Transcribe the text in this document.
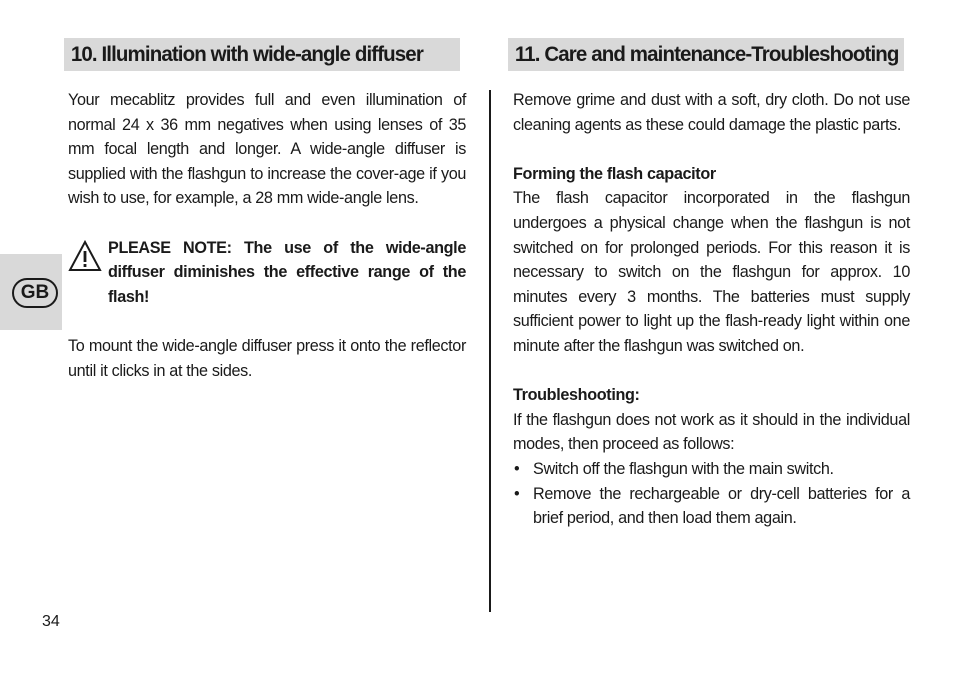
10. Illumination with wide-angle diffuser	11. Care and maintenance-Troubleshooting

Your mecablitz provides full and even illumination of normal 24 x 36 mm negatives when using lenses of 35 mm focal length and longer. A wide-angle diffuser is supplied with the flashgun to increase the cover-age if you wish to use, for example, a 28 mm wide-angle lens.

PLEASE NOTE: The use of the wide-angle diffuser diminishes the effective range of the flash!

To mount the wide-angle diffuser press it onto the reflector until it clicks in at the sides.

Remove grime and dust with a soft, dry cloth. Do not use cleaning agents as these could damage the plastic parts.

Forming the flash capacitor

The flash capacitor incorporated in the flashgun undergoes a physical change when the flashgun is not switched on for prolonged periods. For this reason it is necessary to switch on the flashgun for approx. 10 minutes every 3 months. The batteries must supply sufficient power to light up the flash-ready light within one minute after the flashgun was switched on.

Troubleshooting:

If the flashgun does not work as it should in the individual modes, then proceed as follows:

• Switch off the flashgun with the main switch.
• Remove the rechargeable or dry-cell batteries for a brief period, and then load them again.
GB
34
